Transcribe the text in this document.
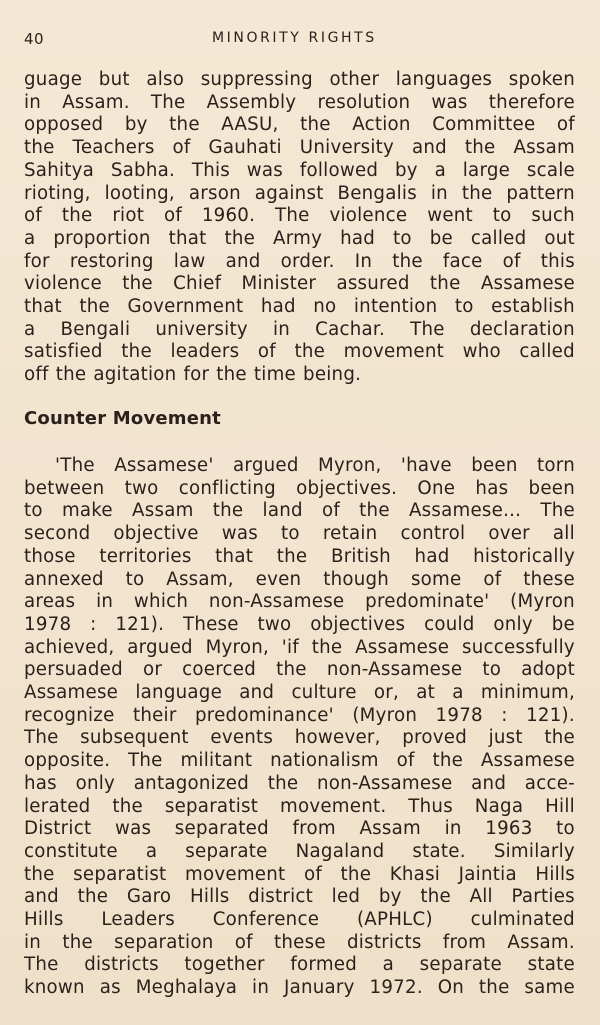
40	MINORITY RIGHTS
guage but also suppressing other languages spoken
in Assam. The Assembly resolution was therefore
opposed by the AASU, the Action Committee of
the Teachers of Gauhati University and the Assam
Sahitya Sabha. This was followed by a large scale
rioting, looting, arson against Bengalis in the pattern
of the riot of 1960. The violence went to such
a proportion that the Army had to be called out
for restoring law and order. In the face of this
violence the Chief Minister assured the Assamese
that the Government had no intention to establish
a Bengali university in Cachar. The declaration
satisfied the leaders of the movement who called
off the agitation for the time being.
Counter Movement
'The Assamese' argued Myron, 'have been torn
between two conflicting objectives. One has been
to make Assam the land of the Assamese... The
second objective was to retain control over all
those territories that the British had historically
annexed to Assam, even though some of these
areas in which non-Assamese predominate' (Myron
1978 : 121). These two objectives could only be
achieved, argued Myron, 'if the Assamese successfully
persuaded or coerced the non-Assamese to adopt
Assamese language and culture or, at a minimum,
recognize their predominance' (Myron 1978 : 121).
The subsequent events however, proved just the
opposite. The militant nationalism of the Assamese
has only antagonized the non-Assamese and acce-
lerated the separatist movement. Thus Naga Hill
District was separated from Assam in 1963 to
constitute a separate Nagaland state. Similarly
the separatist movement of the Khasi Jaintia Hills
and the Garo Hills district led by the All Parties
Hills Leaders Conference (APHLC) culminated
in the separation of these districts from Assam.
The districts together formed a separate state
known as Meghalaya in January 1972. On the same
